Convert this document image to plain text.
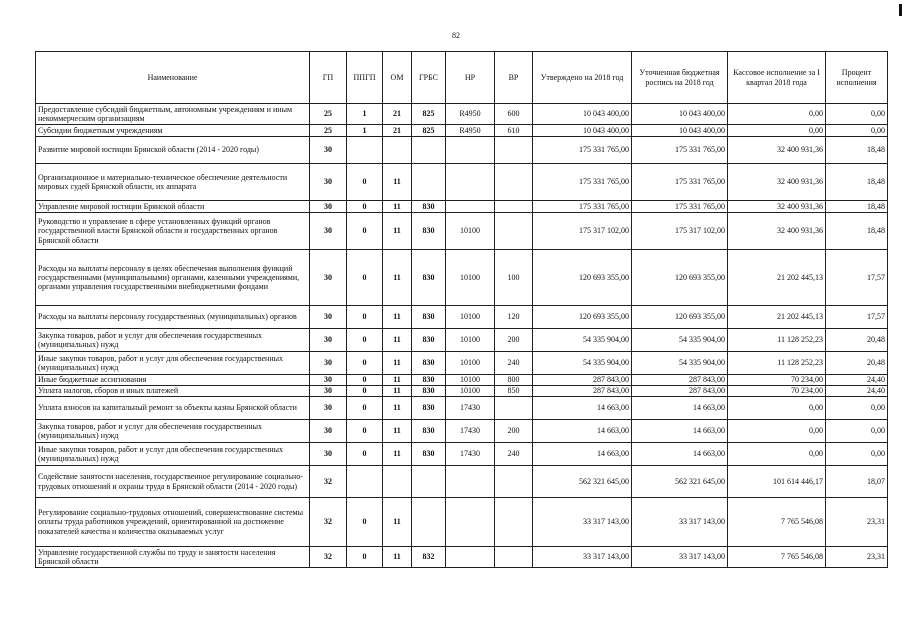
82
Наименование	ГП	ППГП	ОМ	ГРБС	НР	ВР	Утверждено на 2018 год	Уточненная бюджетная роспись на 2018 год	Кассовое исполнение за I квартал 2018 года	Процент исполнения
Предоставление субсидий бюджетным, автономным учреждениям и иным некоммерческим организациям	25	1	21	825	R4950	600	10 043 400,00	10 043 400,00	0,00	0,00
Субсидии бюджетным учреждениям	25	1	21	825	R4950	610	10 043 400,00	10 043 400,00	0,00	0,00
Развитие мировой юстиции Брянской области (2014 - 2020 годы)	30						175 331 765,00	175 331 765,00	32 400 931,36	18,48
Организационное и материально-техническое обеспечение деятельности мировых судей Брянской области, их аппарата	30	0	11				175 331 765,00	175 331 765,00	32 400 931,36	18,48
Управление мировой юстиции Брянской области	30	0	11	830			175 331 765,00	175 331 765,00	32 400 931,36	18,48
Руководство и управление в сфере установленных функций органов государственной власти Брянской области и государственных органов Брянской области	30	0	11	830	10100		175 317 102,00	175 317 102,00	32 400 931,36	18,48
Расходы на выплаты персоналу в целях обеспечения выполнения функций государственными (муниципальными) органами, казенными учреждениями, органами управления государственными внебюджетными фондами	30	0	11	830	10100	100	120 693 355,00	120 693 355,00	21 202 445,13	17,57
Расходы на выплаты персоналу государственных (муниципальных) органов	30	0	11	830	10100	120	120 693 355,00	120 693 355,00	21 202 445,13	17,57
Закупка товаров, работ и услуг для обеспечения государственных (муниципальных) нужд	30	0	11	830	10100	200	54 335 904,00	54 335 904,00	11 128 252,23	20,48
Иные закупки товаров, работ и услуг для обеспечения государственных (муниципальных) нужд	30	0	11	830	10100	240	54 335 904,00	54 335 904,00	11 128 252,23	20,48
Иные бюджетные ассигнования	30	0	11	830	10100	800	287 843,00	287 843,00	70 234,00	24,40
Уплата налогов, сборов и иных платежей	30	0	11	830	10100	850	287 843,00	287 843,00	70 234,00	24,40
Уплата взносов на капитальный ремонт за объекты казны Брянской области	30	0	11	830	17430		14 663,00	14 663,00	0,00	0,00
Закупка товаров, работ и услуг для обеспечения государственных (муниципальных) нужд	30	0	11	830	17430	200	14 663,00	14 663,00	0,00	0,00
Иные закупки товаров, работ и услуг для обеспечения государственных (муниципальных) нужд	30	0	11	830	17430	240	14 663,00	14 663,00	0,00	0,00
Содействие занятости населения, государственное регулирование социально-трудовых отношений и охраны труда в Брянской области (2014 - 2020 годы)	32						562 321 645,00	562 321 645,00	101 614 446,17	18,07
Регулирование социально-трудовых отношений, совершенствование системы оплаты труда работников учреждений, ориентированной на достижение показателей качества и количества оказываемых услуг	32	0	11				33 317 143,00	33 317 143,00	7 765 546,08	23,31
Управление государственной службы по труду и занятости населения Брянской области	32	0	11	832			33 317 143,00	33 317 143,00	7 765 546,08	23,31
